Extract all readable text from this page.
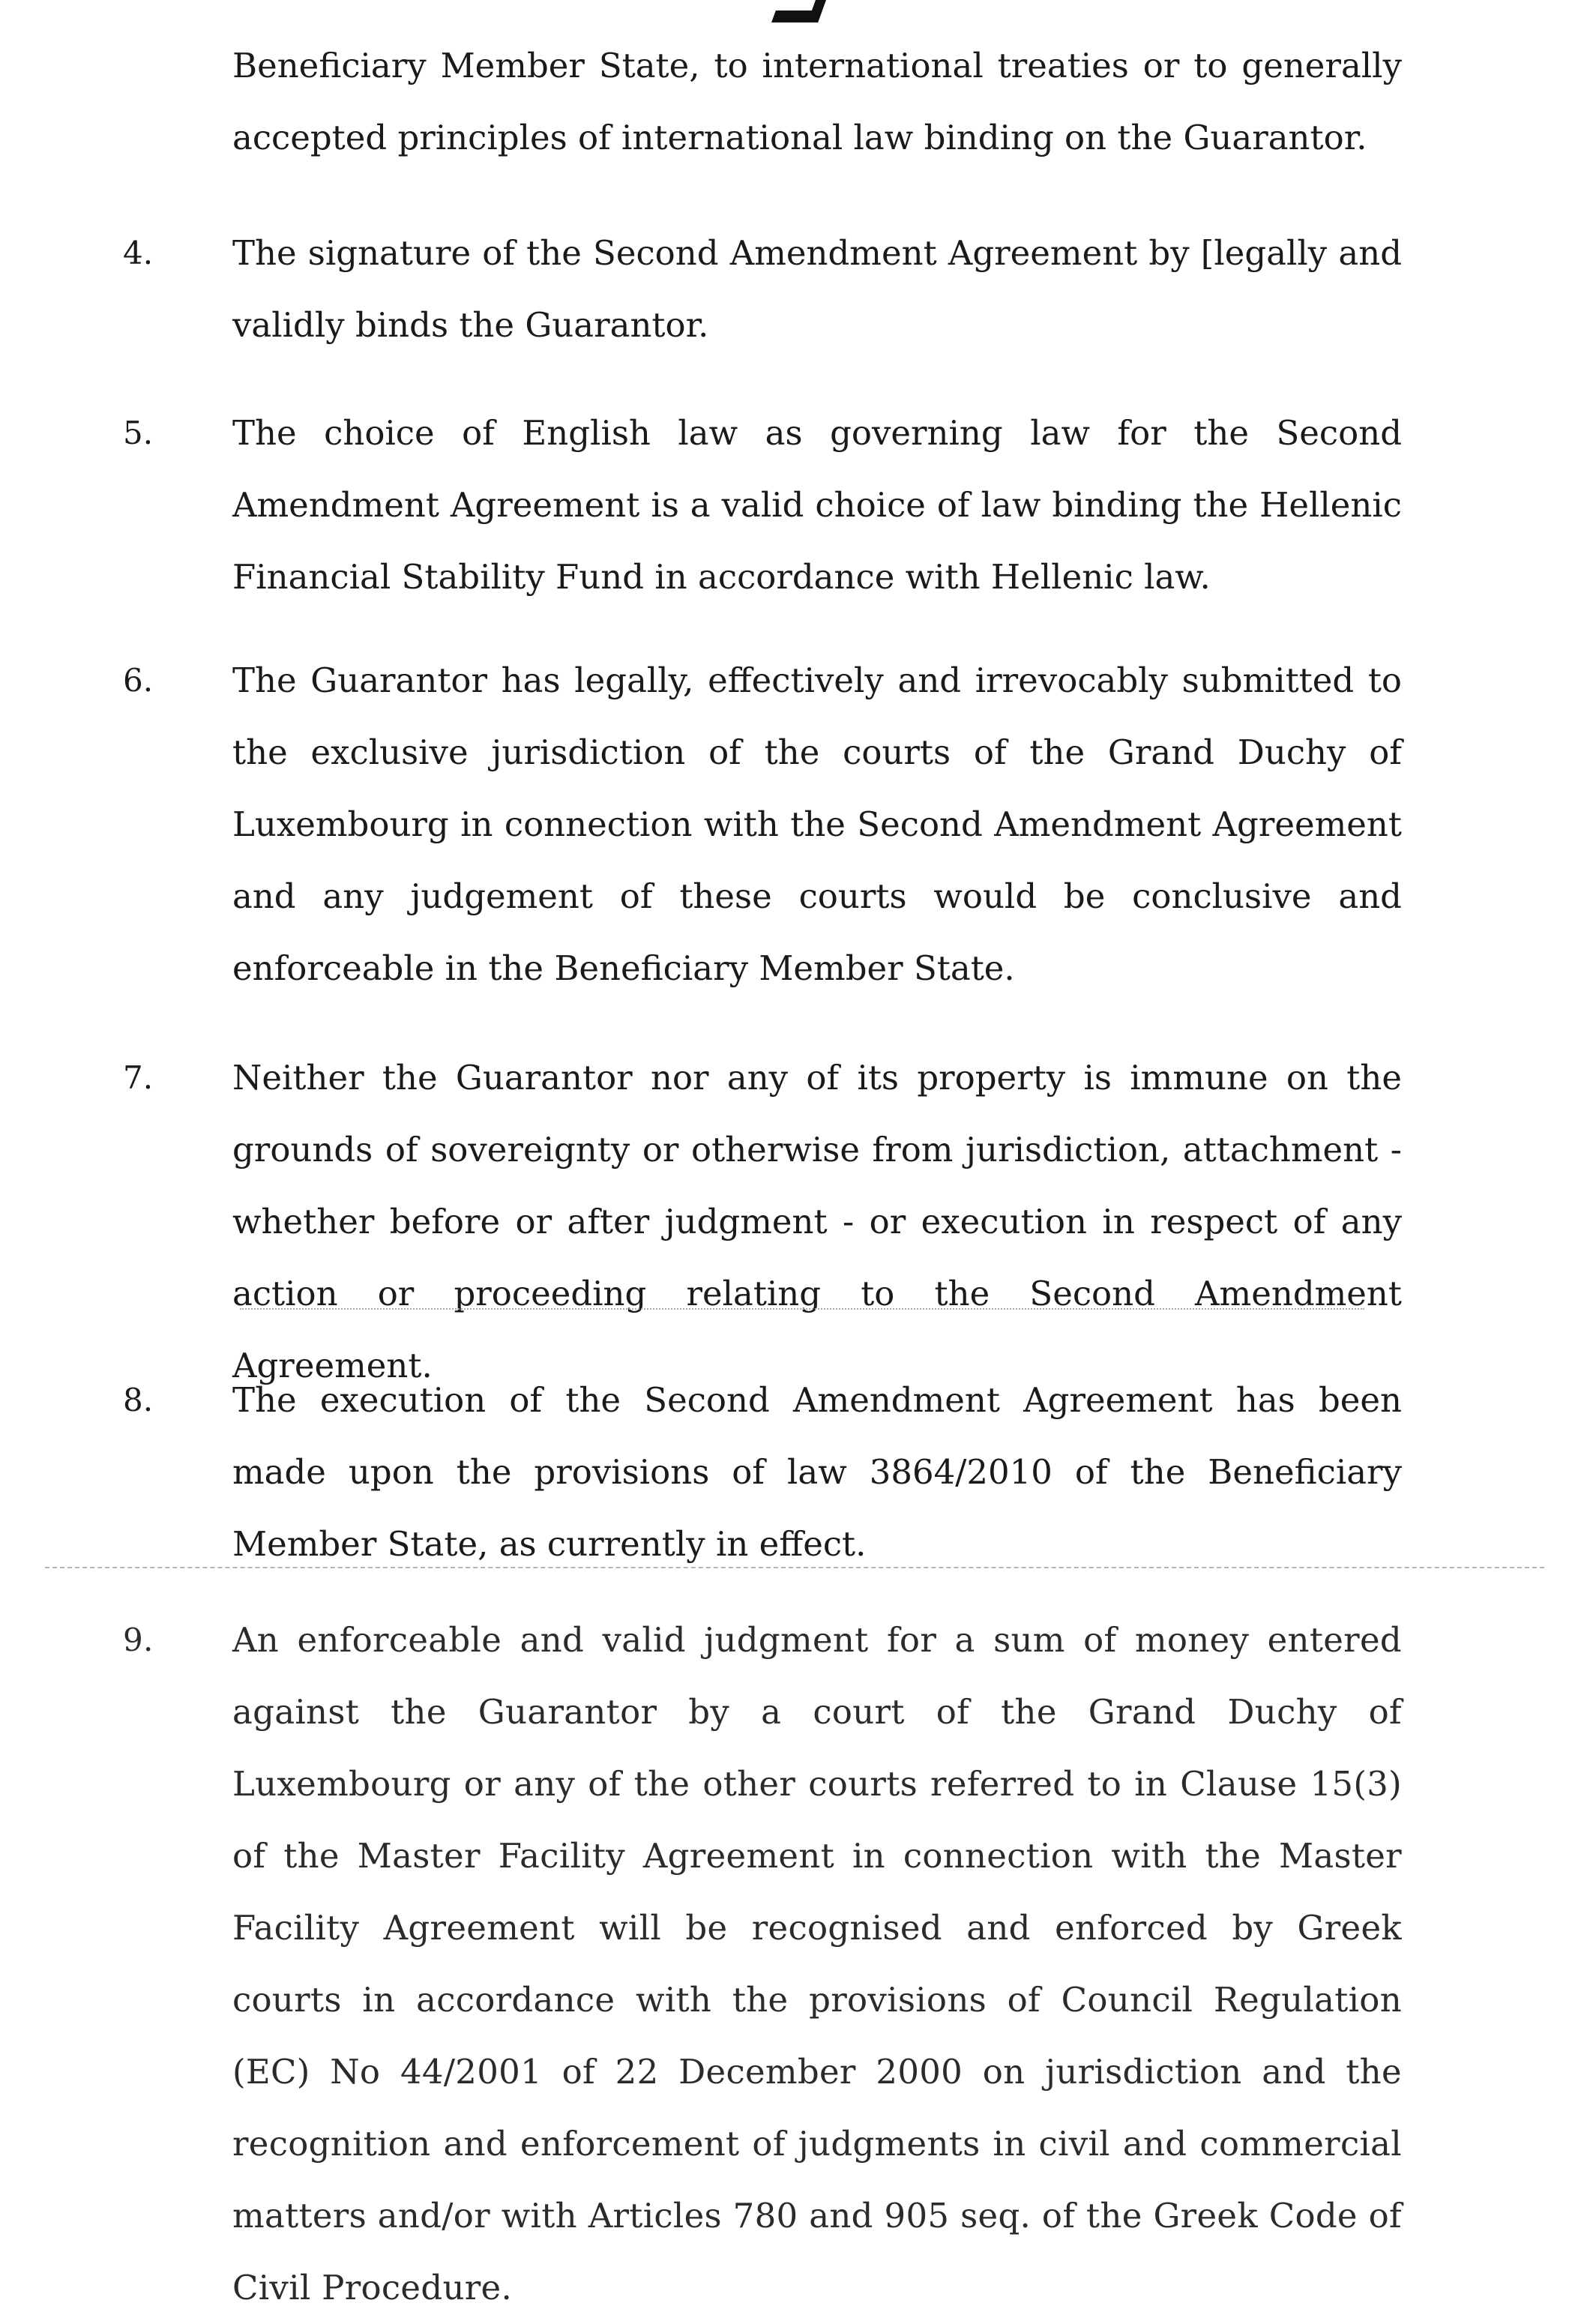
Beneficiary Member State, to international treaties or to generally accepted principles of international law binding on the Guarantor.
4. The signature of the Second Amendment Agreement by [legally and validly binds the Guarantor.
5. The choice of English law as governing law for the Second Amendment Agreement is a valid choice of law binding the Hellenic Financial Stability Fund in accordance with Hellenic law.
6. The Guarantor has legally, effectively and irrevocably submitted to the exclusive jurisdiction of the courts of the Grand Duchy of Luxembourg in connection with the Second Amendment Agreement and any judgement of these courts would be conclusive and enforceable in the Beneficiary Member State.
7. Neither the Guarantor nor any of its property is immune on the grounds of sovereignty or otherwise from jurisdiction, attachment - whether before or after judgment - or execution in respect of any action or proceeding relating to the Second Amendment Agreement.
8. The execution of the Second Amendment Agreement has been made upon the provisions of law 3864/2010 of the Beneficiary Member State, as currently in effect.
9. An enforceable and valid judgment for a sum of money entered against the Guarantor by a court of the Grand Duchy of Luxembourg or any of the other courts referred to in Clause 15(3) of the Master Facility Agreement in connection with the Master Facility Agreement will be recognised and enforced by Greek courts in accordance with the provisions of Council Regulation (EC) No 44/2001 of 22 December 2000 on jurisdiction and the recognition and enforcement of judgments in civil and commercial matters and/or with Articles 780 and 905 seq. of the Greek Code of Civil Procedure.
